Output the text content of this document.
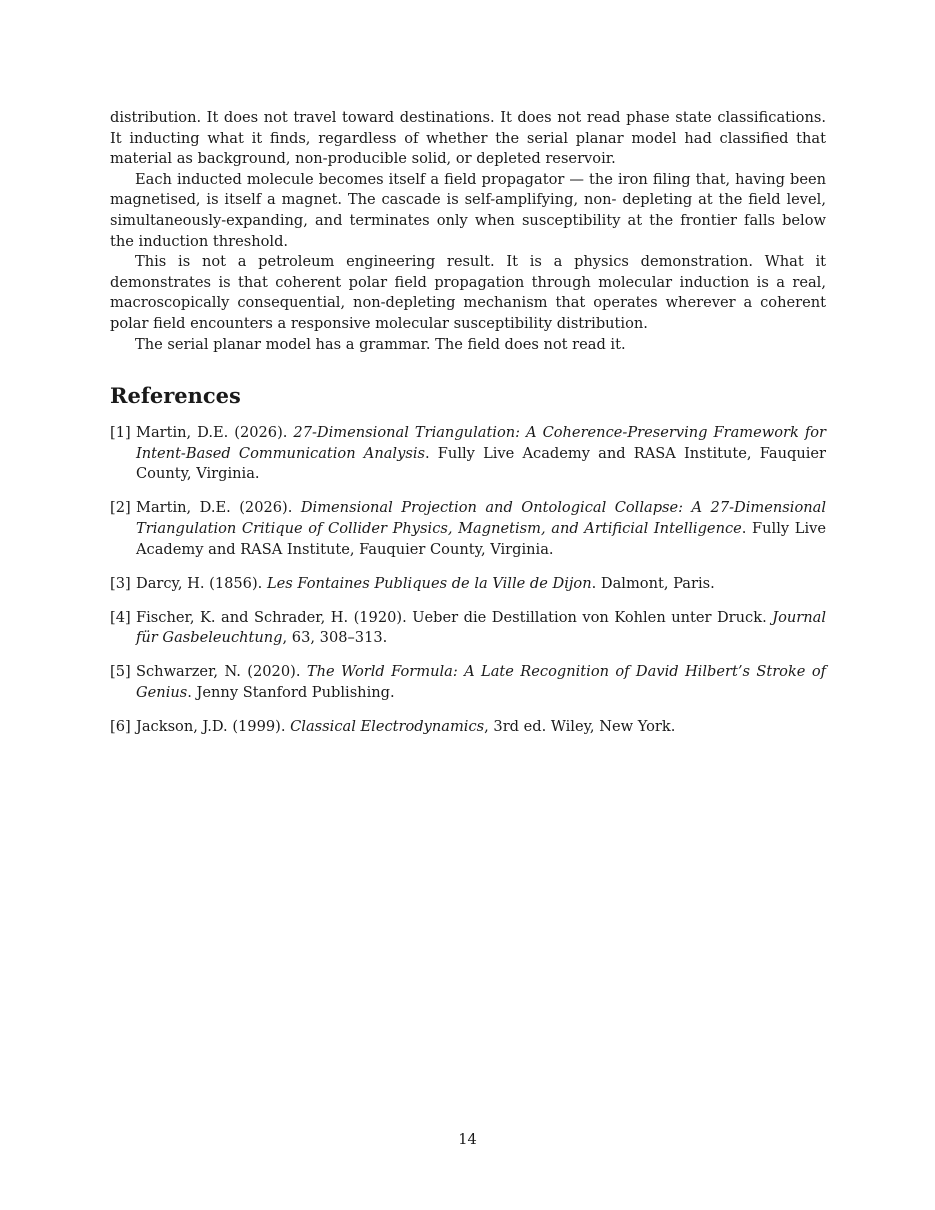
distribution. It does not travel toward destinations. It does not read phase state classifications. It inducting what it finds, regardless of whether the serial planar model had classified that material as background, non-producible solid, or depleted reservoir.

Each inducted molecule becomes itself a field propagator — the iron filing that, having been magnetised, is itself a magnet. The cascade is self-amplifying, non- depleting at the field level, simultaneously-expanding, and terminates only when susceptibility at the frontier falls below the induction threshold.

This is not a petroleum engineering result. It is a physics demonstration. What it demonstrates is that coherent polar field propagation through molecular induction is a real, macroscopically consequential, non-depleting mechanism that operates wherever a coherent polar field encounters a responsive molecular susceptibility distribution.

The serial planar model has a grammar. The field does not read it.

References
[1] Martin, D.E. (2026). 27-Dimensional Triangulation: A Coherence-Preserving Framework for Intent-Based Communication Analysis. Fully Live Academy and RASA Institute, Fauquier County, Virginia.
[2] Martin, D.E. (2026). Dimensional Projection and Ontological Collapse: A 27-Dimensional Triangulation Critique of Collider Physics, Magnetism, and Artificial Intelligence. Fully Live Academy and RASA Institute, Fauquier County, Virginia.
[3] Darcy, H. (1856). Les Fontaines Publiques de la Ville de Dijon. Dalmont, Paris.
[4] Fischer, K. and Schrader, H. (1920). Ueber die Destillation von Kohlen unter Druck. Journal für Gasbeleuchtung, 63, 308–313.
[5] Schwarzer, N. (2020). The World Formula: A Late Recognition of David Hilbert’s Stroke of Genius. Jenny Stanford Publishing.
[6] Jackson, J.D. (1999). Classical Electrodynamics, 3rd ed. Wiley, New York.
14
